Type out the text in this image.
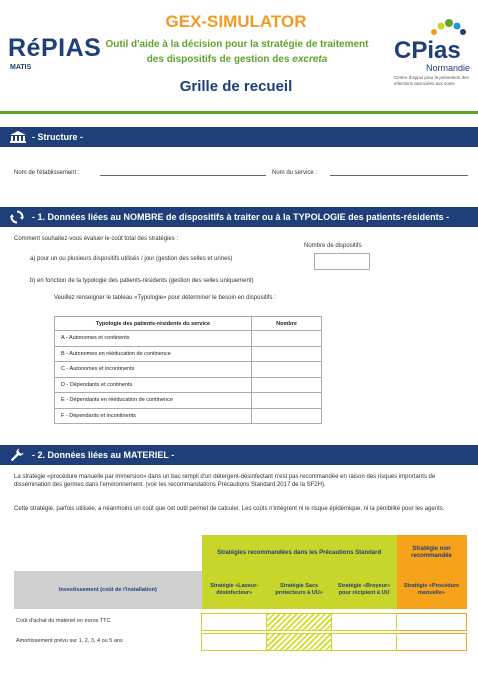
RéPIAS
MATIS
GEX-SIMULATOR
Outil d'aide à la décision pour la stratégie de traitement
des dispositifs de gestion des excreta
Grille de recueil
CPias
Normandie
Centre d'appui pour la prévention des infections associées aux soins
- Structure -
Nom de l'établissement :	Nom du service :
- 1. Données liées au NOMBRE de dispositifs à traiter ou à la TYPOLOGIE des patients-résidents -
Comment souhaitez-vous évaluer le coût total des stratégies :
Nombre de dispositifs
a) pour un ou plusieurs dispositifs utilisés / jour (gestion des selles et urines)
b) en fonction de la typologie des patients-résidents (gestion des selles uniquement)
Veuillez renseigner le tableau «Typologie» pour déterminer le besoin en dispositifs :
Typologie des patients-résidents du service	Nombre
A - Autonomes et continents	
B - Autonomes en rééducation de continence	
C - Autonomes et incontinents	
D - Dépendants et continents	
E - Dépendants en rééducation de continence	
F - Dépendants et incontinents	
- 2. Données liées au MATERIEL -
La stratégie «procédure manuelle par immersion» dans un bac rempli d'un détergent-désinfectant n'est pas recommandée en raison des risques importants de dissémination des germes dans l'environnement. (voir les recommandations Précautions Standard 2017 de la SF2H).
Cette stratégie, parfois utilisée, a néanmoins un coût que cet outil permet de calculer. Les coûts n'intègrent ni le risque épidémique, ni la pénibilité pour les agents.
	Stratégies recommandées dans les Précautions Standard			Stratégie non recommandée
Investissement (coût de l'installation)	Stratégie «Laveur-désinfecteur»	Stratégie Sacs protecteurs à UU»	Stratégie «Broyeur» pour récipient à UU	Stratégie «Procédure manuelle»

Coût d'achat du matériel en euros TTC				

Amortissement prévu sur 1, 2, 3, 4 ou 5 ans				
